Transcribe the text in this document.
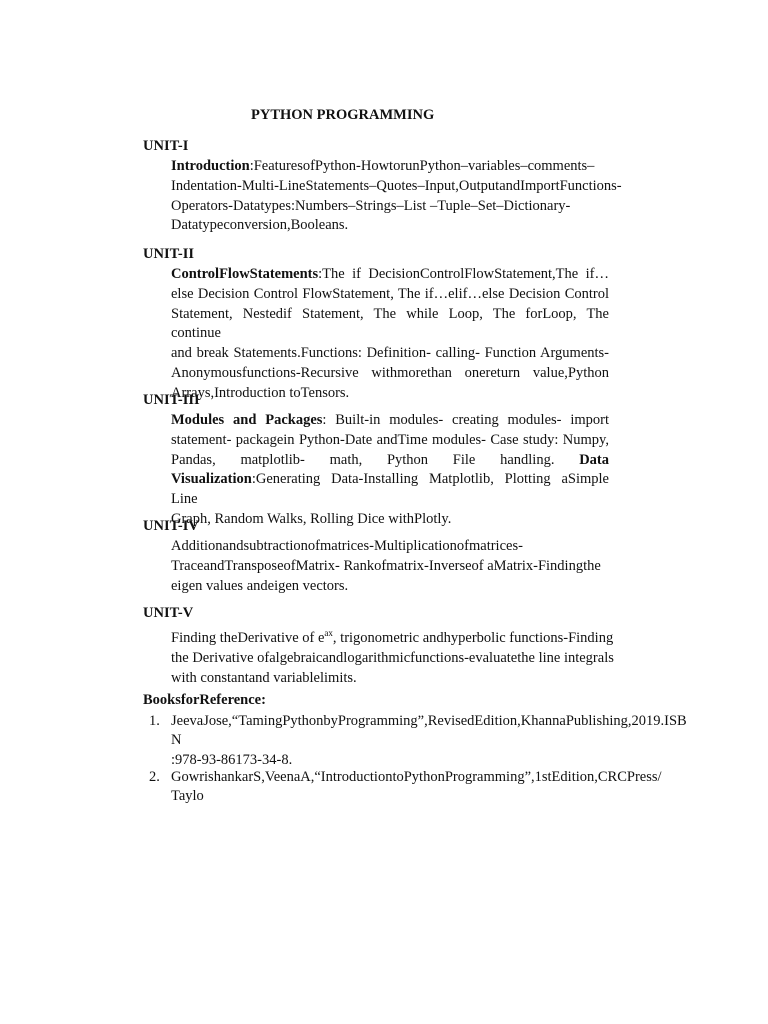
PYTHON PROGRAMMING
UNIT-I
Introduction:FeaturesofPython-HowtorunPython–variables–comments–
Indentation-Multi-LineStatements–Quotes–Input,OutputandImportFunctions-
Operators-Datatypes:Numbers–Strings–List –Tuple–Set–Dictionary-
Datatypeconversion,Booleans.
UNIT-II
ControlFlowStatements:The if DecisionControlFlowStatement,The if…
else Decision Control FlowStatement, The if…elif…else Decision Control
Statement, Nestedif Statement, The while Loop, The forLoop, The continue
and break Statements.Functions: Definition- calling- Function Arguments-
Anonymousfunctions-Recursive withmorethan onereturn value,Python
Arrays,Introduction toTensors.
UNIT-III
Modules and Packages: Built-in modules- creating modules- import
statement- packagein Python-Date andTime modules- Case study: Numpy,
Pandas, matplotlib- math, Python File handling. Data
Visualization:Generating Data-Installing Matplotlib, Plotting aSimple Line
Graph, Random Walks, Rolling Dice withPlotly.
UNIT-IV
Additionandsubtractionofmatrices-Multiplicationofmatrices-
TraceandTransposeofMatrix- Rankofmatrix-Inverseof aMatrix-Findingthe
eigen values andeigen vectors.
UNIT-V
Finding theDerivative of $e^{ax}$, trigonometric andhyperbolic functions-Finding
the Derivative ofalgebraicandlogarithmicfunctions-evaluatethe line integrals
with constantand variablelimits.
BooksforReference:
1. JeevaJose,“TamingPythonbyProgramming”,RevisedEdition,KhannaPublishing,2019.ISB
N
:978-93-86173-34-8.
2. GowrishankarS,VeenaA,“IntroductiontoPythonProgramming”,1stEdition,CRCPress/
Taylo
